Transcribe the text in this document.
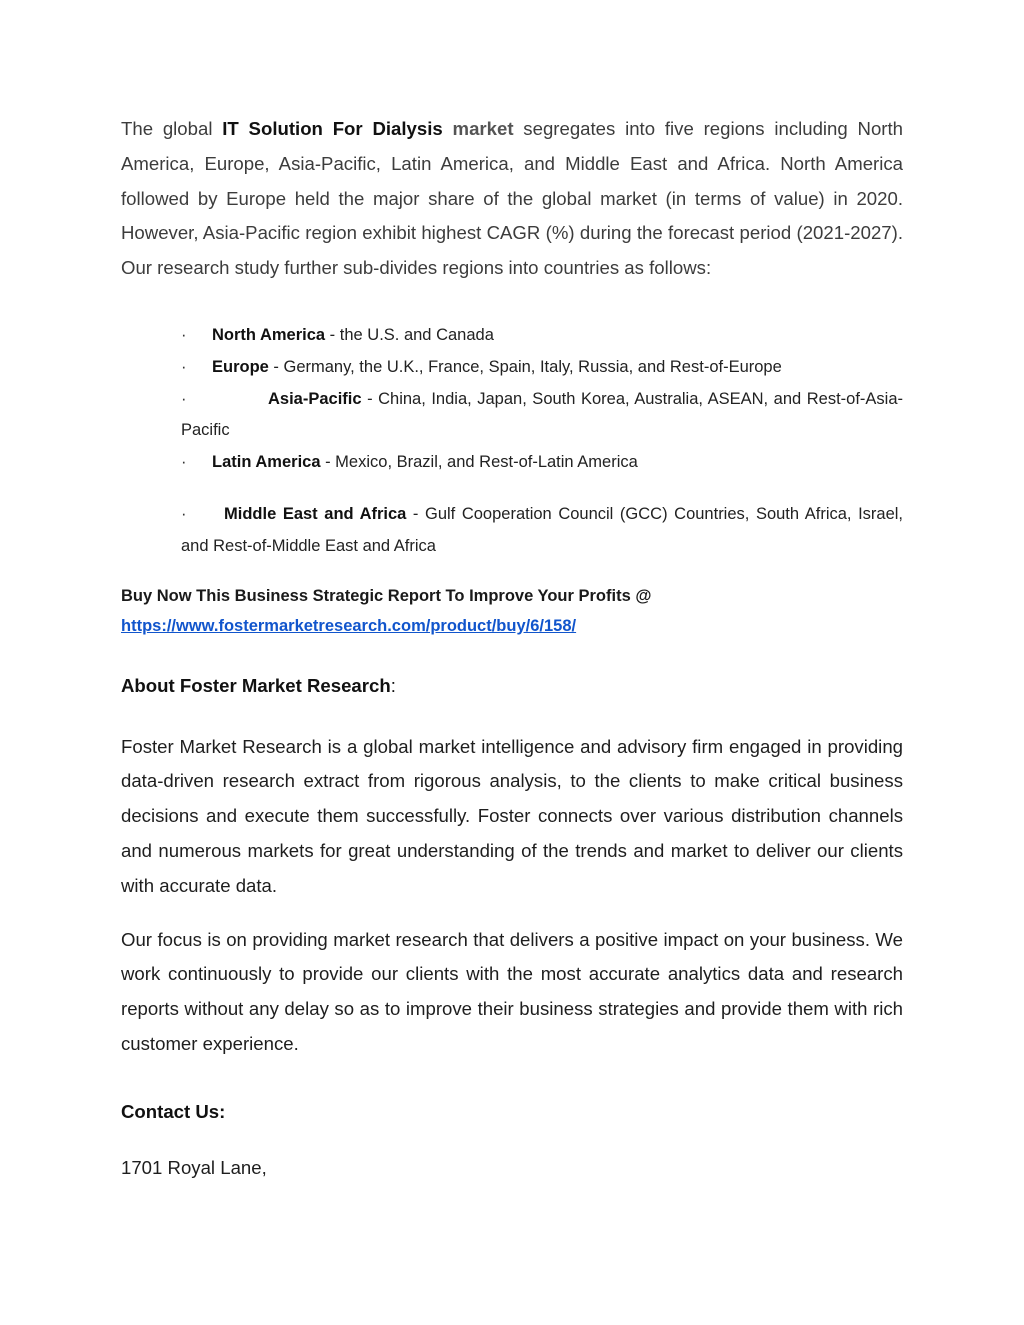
The global IT Solution For Dialysis market segregates into five regions including North America, Europe, Asia-Pacific, Latin America, and Middle East and Africa. North America followed by Europe held the major share of the global market (in terms of value) in 2020. However, Asia-Pacific region exhibit highest CAGR (%) during the forecast period (2021-2027). Our research study further sub-divides regions into countries as follows:

· North America - the U.S. and Canada
· Europe - Germany, the U.K., France, Spain, Italy, Russia, and Rest-of-Europe
·	Asia-Pacific - China, India, Japan, South Korea, Australia, ASEAN, and Rest-of-Asia-Pacific
· Latin America - Mexico, Brazil, and Rest-of-Latin America
· Middle East and Africa - Gulf Cooperation Council (GCC) Countries, South Africa, Israel, and Rest-of-Middle East and Africa

Buy Now This Business Strategic Report To Improve Your Profits @
https://www.fostermarketresearch.com/product/buy/6/158/

About Foster Market Research:

Foster Market Research is a global market intelligence and advisory firm engaged in providing data-driven research extract from rigorous analysis, to the clients to make critical business decisions and execute them successfully. Foster connects over various distribution channels and numerous markets for great understanding of the trends and market to deliver our clients with accurate data.

Our focus is on providing market research that delivers a positive impact on your business. We work continuously to provide our clients with the most accurate analytics data and research reports without any delay so as to improve their business strategies and provide them with rich customer experience.

Contact Us:

1701 Royal Lane,
